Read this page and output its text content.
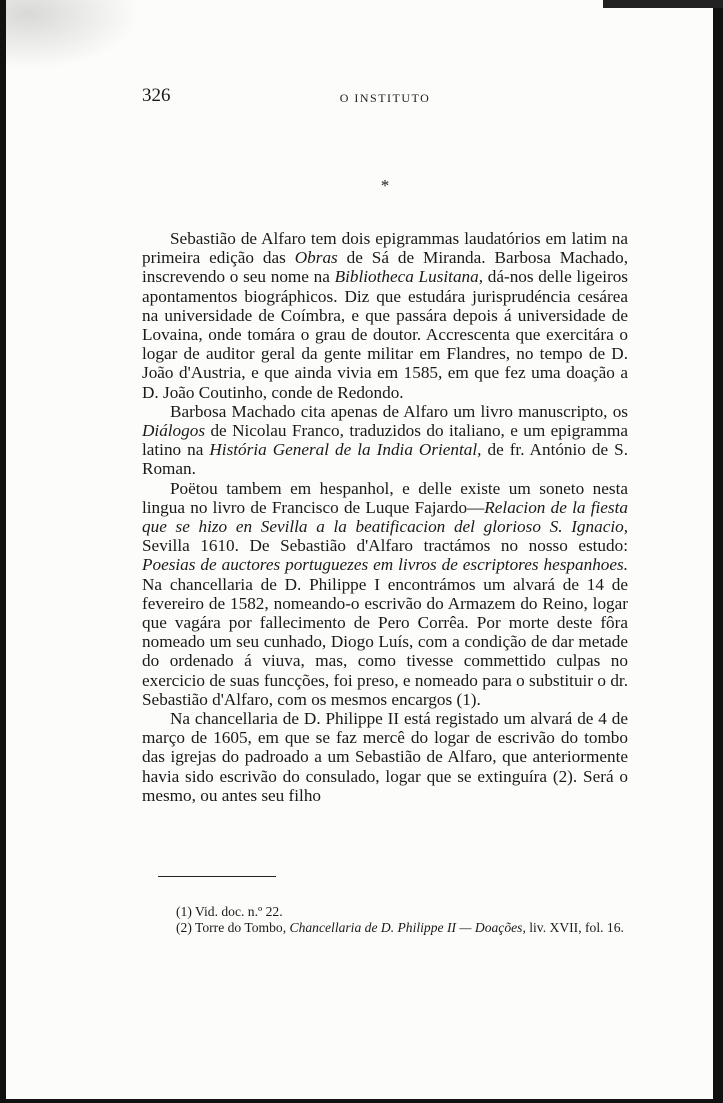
326	O INSTITUTO
*

Sebastião de Alfaro tem dois epigrammas laudatórios em latim na primeira edição das Obras de Sá de Miranda. Barbosa Machado, inscrevendo o seu nome na Bibliotheca Lusitana, dá-nos delle ligeiros apontamentos biográphicos. Diz que estudára jurisprudéncia cesárea na universidade de Coímbra, e que passára depois á universidade de Lovaina, onde tomára o grau de doutor. Accrescenta que exercitára o logar de auditor geral da gente militar em Flandres, no tempo de D. João d'Austria, e que ainda vivia em 1585, em que fez uma doação a D. João Coutinho, conde de Redondo.

Barbosa Machado cita apenas de Alfaro um livro manuscripto, os Diálogos de Nicolau Franco, traduzidos do italiano, e um epigramma latino na História General de la India Oriental, de fr. António de S. Roman.

Poëtou tambem em hespanhol, e delle existe um soneto nesta lingua no livro de Francisco de Luque Fajardo—Relacion de la fiesta que se hizo en Sevilla a la beatificacion del glorioso S. Ignacio, Sevilla 1610. De Sebastião d'Alfaro tractámos no nosso estudo: Poesias de auctores portuguezes em livros de escriptores hespanhoes. Na chancellaria de D. Philippe I encontrámos um alvará de 14 de fevereiro de 1582, nomeando-o escrivão do Armazem do Reino, logar que vagára por fallecimento de Pero Corrêa. Por morte deste fôra nomeado um seu cunhado, Diogo Luís, com a condição de dar metade do ordenado á viuva, mas, como tivesse commettido culpas no exercicio de suas funcções, foi preso, e nomeado para o substituir o dr. Sebastião d'Alfaro, com os mesmos encargos (1).

Na chancellaria de D. Philippe II está registado um alvará de 4 de março de 1605, em que se faz mercê do logar de escrivão do tombo das igrejas do padroado a um Sebastião de Alfaro, que anteriormente havia sido escrivão do consulado, logar que se extinguíra (2). Será o mesmo, ou antes seu filho

(1) Vid. doc. n.º 22.

(2) Torre do Tombo, Chancellaria de D. Philippe II — Doações, liv. XVII, fol. 16.
